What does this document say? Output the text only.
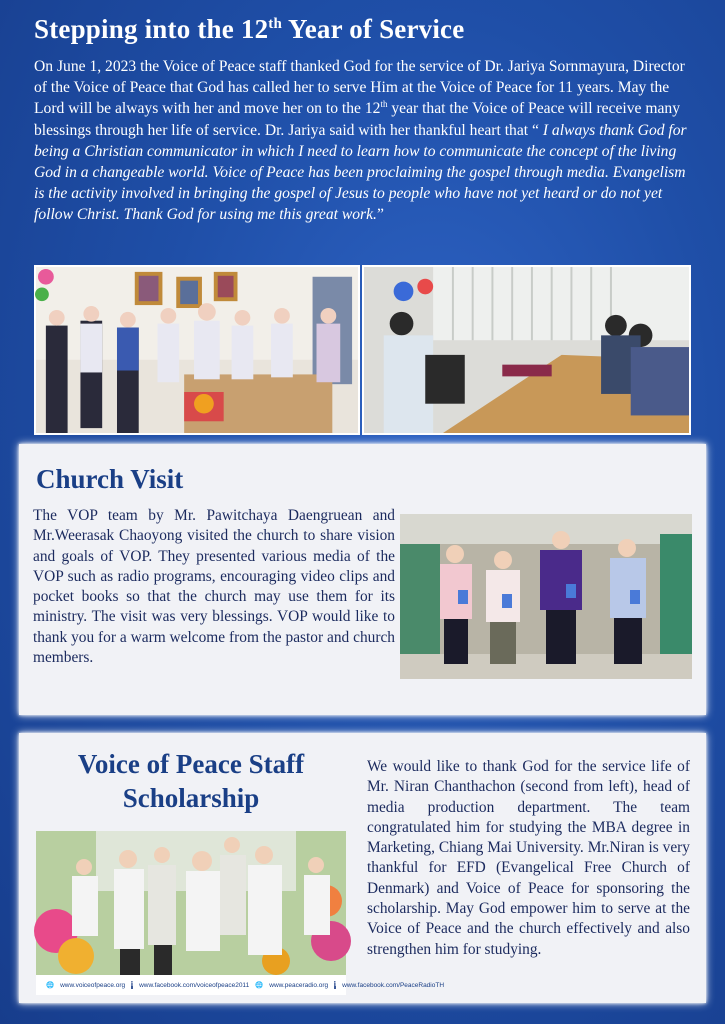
Stepping into the 12th Year of Service

On June 1, 2023 the Voice of Peace staff thanked God for the service of Dr. Jariya Sornmayura, Director of the Voice of Peace that God has called her to serve Him at the Voice of Peace for 11 years. May the Lord will be always with her and move her on to the 12th year that the Voice of Peace will receive many blessings through her life of service. Dr. Jariya said with her thankful heart that “ I always thank God for being a Christian communicator in which I need to learn how to communicate the concept of the living God in a changeable world. Voice of Peace has been proclaiming the gospel through media. Evangelism is the activity involved in bringing the gospel of Jesus to people who have not yet heard or do not yet follow Christ. Thank God for using me this great work.”

Church Visit

The VOP team by Mr. Pawitchaya Daengruean and Mr.Weerasak Chaoyong visited the church to share vision and goals of VOP. They presented various media of the VOP such as radio programs, encouraging video clips and pocket books so that the church may use them for its ministry. The visit was very blessings. VOP would like to thank you for a warm welcome from the pastor and church members.

Voice of Peace Staff
Scholarship
🌐 www.voiceofpeace.org f www.facebook.com/voiceofpeace2011 🌐 www.peaceradio.org f www.facebook.com/PeaceRadioTH

We would like to thank God for the service life of Mr. Niran Chanthachon (second from left), head of media production department. The team congratulated him for studying the MBA degree in Marketing, Chiang Mai University. Mr.Niran is very thankful for EFD (Evangelical Free Church of Denmark) and Voice of Peace for sponsoring the scholarship. May God empower him to serve at the Voice of Peace and the church effectively and also strengthen him for studying.
